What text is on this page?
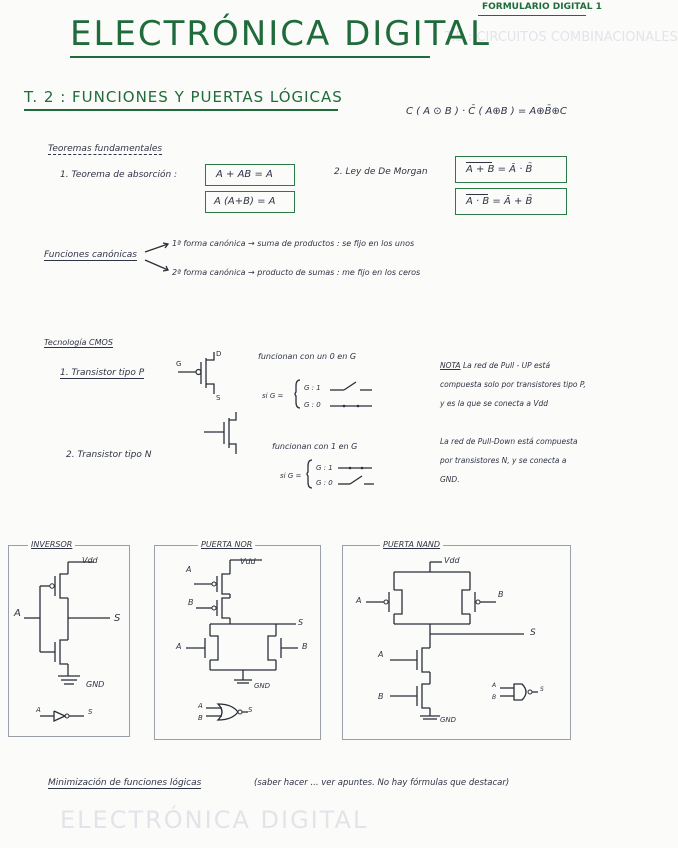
T.5 : CIRCUITOS COMBINACIONALES
ELECTRÓNICA DIGITAL
FORMULARIO DIGITAL 1
ELECTRÓNICA DIGITAL
T. 2 : FUNCIONES Y PUERTAS LÓGICAS
C ( A ⊙ B ) · C̄ ( A⊕B ) = A⊕B̄⊕C
Teoremas fundamentales
1. Teorema de absorción :	A + AB = A
A (A+B) = A
2. Ley de De Morgan	A + B = Ā · B̄
A · B = Ā + B̄
Funciones canónicas
1ª forma canónica → suma de productos : se fijo en los unos
2ª forma canónica → producto de sumas : me fijo en los ceros
Tecnología CMOS
1. Transistor tipo P
funcionan con un 0 en G
si G =
G : 1
G : 0
2. Transistor tipo N
funcionan con 1 en G
si G =
G : 1
G : 0
NOTA La red de Pull - UP está
compuesta solo por transistores tipo P,
y es la que se conecta a Vdd

La red de Pull-Down está compuesta
por transistores N, y se conecta a
GND.
G
D
S
INVERSOR	PUERTA NOR	PUERTA NAND
Vdd
A	S
GND
A	S
Vdd
A
B
S
A	B
GND
A
B
S
Vdd
A
B
S
A
B
GND
A
B
S
Minimización de funciones lógicas	(saber hacer ... ver apuntes. No hay fórmulas que destacar)
